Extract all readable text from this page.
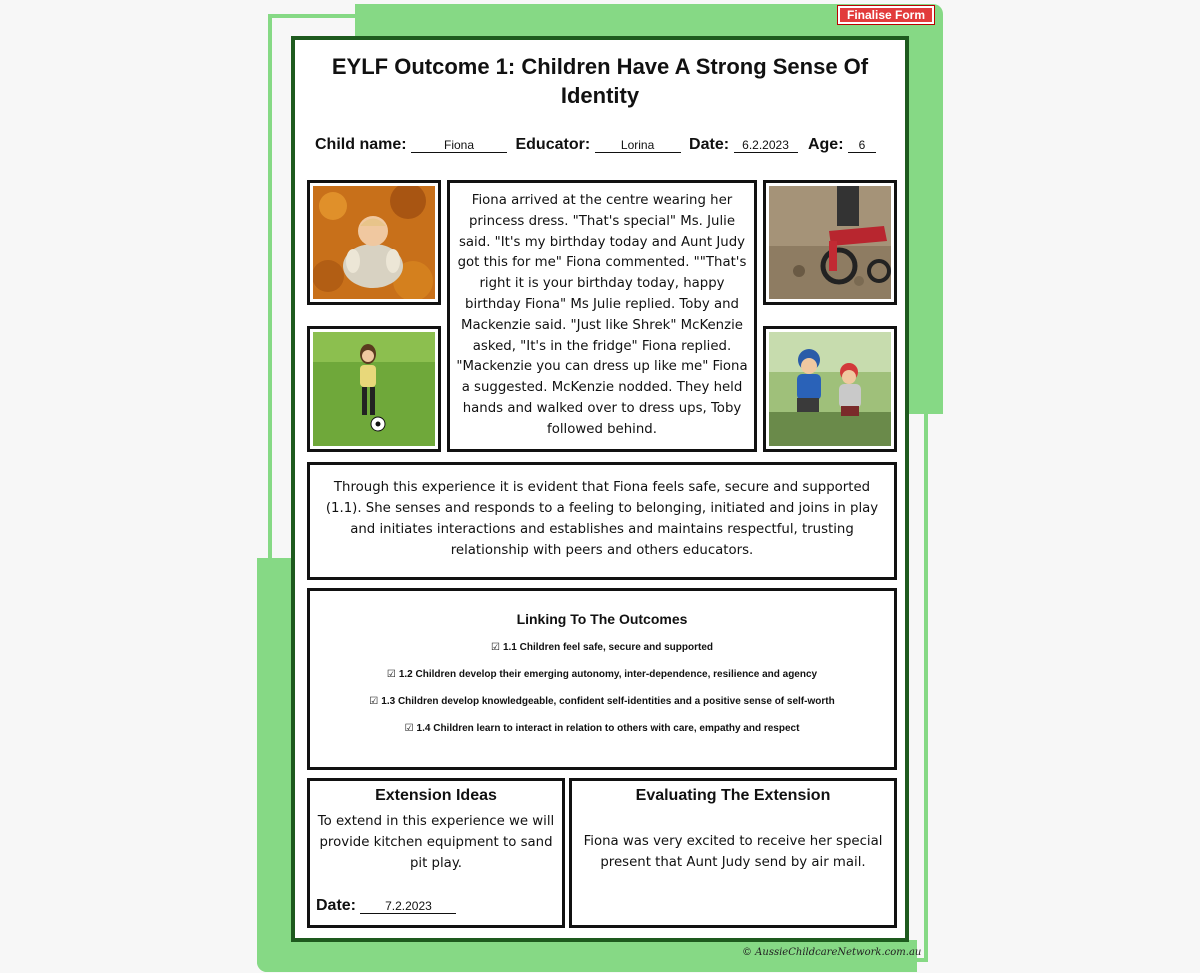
Finalise Form
EYLF Outcome 1: Children Have A Strong Sense Of Identity
Child name:	Fiona	Educator:	Lorina Date: 6.2.2023 Age: 6
Fiona arrived at the centre wearing her princess dress. "That's special" Ms. Julie said. "It's my birthday today and Aunt Judy got this for me" Fiona commented. ""That's right it is your birthday today, happy birthday Fiona" Ms Julie replied. Toby and Mackenzie said. "Just like Shrek" McKenzie asked, "It's in the fridge" Fiona replied. "Mackenzie you can dress up like me" Fiona a suggested. McKenzie nodded. They held hands and walked over to dress ups, Toby followed behind.
Through this experience it is evident that Fiona feels safe, secure and supported (1.1). She senses and responds to a feeling to belonging, initiated and joins in play and initiates interactions and establishes and maintains respectful, trusting relationship with peers and others educators.
Linking To The Outcomes
☑ 1.1 Children feel safe, secure and supported
☑ 1.2 Children develop their emerging autonomy, inter-dependence, resilience and agency
☑ 1.3 Children develop knowledgeable, confident self-identities and a positive sense of self-worth
☑ 1.4 Children learn to interact in relation to others with care, empathy and respect
Extension Ideas
To extend in this experience we will provide kitchen equipment to sand pit play.
Date: 7.2.2023
Evaluating The Extension
Fiona was very excited to receive her special present that Aunt Judy send by air mail.
© AussieChildcareNetwork.com.au
